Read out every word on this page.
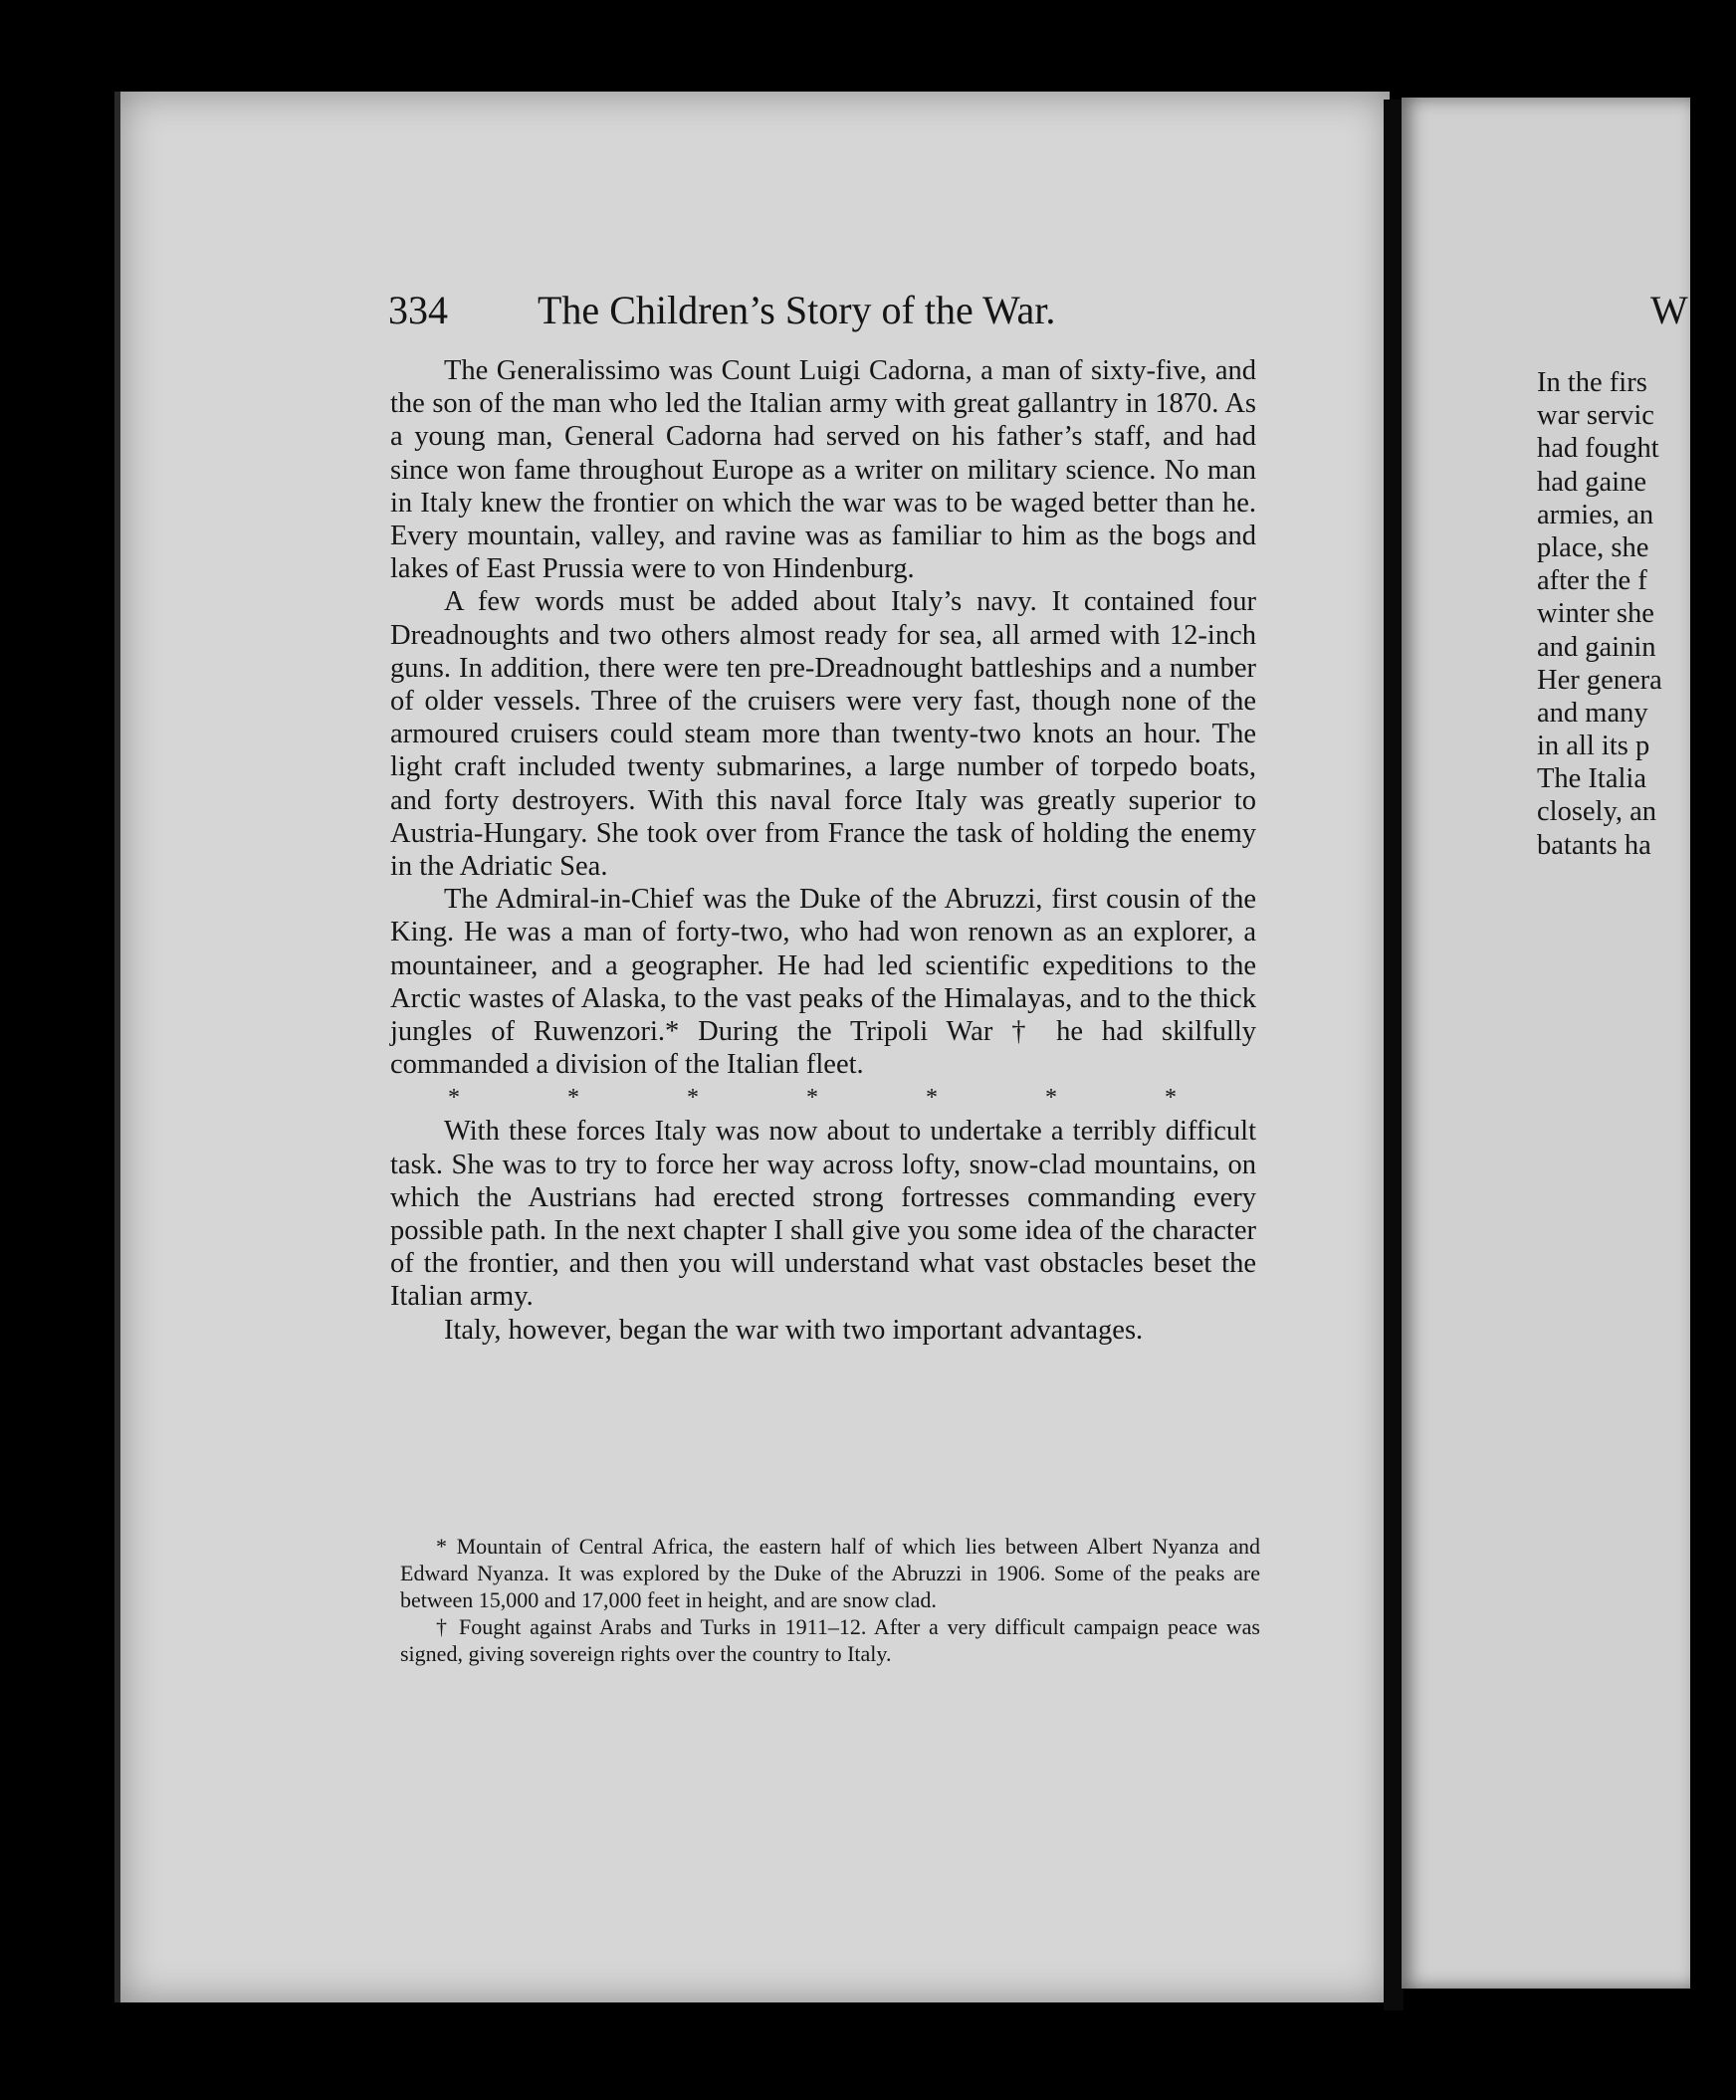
334 The Children’s Story of the War.

The Generalissimo was Count Luigi Cadorna, a man of sixty-five, and the son of the man who led the Italian army with great gallantry in 1870. As a young man, General Cadorna had served on his father’s staff, and had since won fame throughout Europe as a writer on military science. No man in Italy knew the frontier on which the war was to be waged better than he. Every mountain, valley, and ravine was as familiar to him as the bogs and lakes of East Prussia were to von Hindenburg.

A few words must be added about Italy’s navy. It contained four Dreadnoughts and two others almost ready for sea, all armed with 12-inch guns. In addition, there were ten pre-Dreadnought battleships and a number of older vessels. Three of the cruisers were very fast, though none of the armoured cruisers could steam more than twenty-two knots an hour. The light craft included twenty submarines, a large number of torpedo boats, and forty destroyers. With this naval force Italy was greatly superior to Austria-Hungary. She took over from France the task of holding the enemy in the Adriatic Sea.

The Admiral-in-Chief was the Duke of the Abruzzi, first cousin of the King. He was a man of forty-two, who had won renown as an explorer, a mountaineer, and a geographer. He had led scientific expeditions to the Arctic wastes of Alaska, to the vast peaks of the Himalayas, and to the thick jungles of Ruwenzori.* During the Tripoli War † he had skilfully commanded a division of the Italian fleet.

*	*	*	*	*	*	*

With these forces Italy was now about to undertake a terribly difficult task. She was to try to force her way across lofty, snow-clad mountains, on which the Austrians had erected strong fortresses commanding every possible path. In the next chapter I shall give you some idea of the character of the frontier, and then you will understand what vast obstacles beset the Italian army.

Italy, however, began the war with two important advantages.

* Mountain of Central Africa, the eastern half of which lies between Albert Nyanza and Edward Nyanza. It was explored by the Duke of the Abruzzi in 1906. Some of the peaks are between 15,000 and 17,000 feet in height, and are snow clad.

† Fought against Arabs and Turks in 1911–12. After a very difficult campaign peace was signed, giving sovereign rights over the country to Italy.

W
In the firs
war servic
had fought
had gaine
armies, an
place, she
after the f
winter she
and gainin
Her genera
and many
in all its p
The Italia
closely, an
batants ha
